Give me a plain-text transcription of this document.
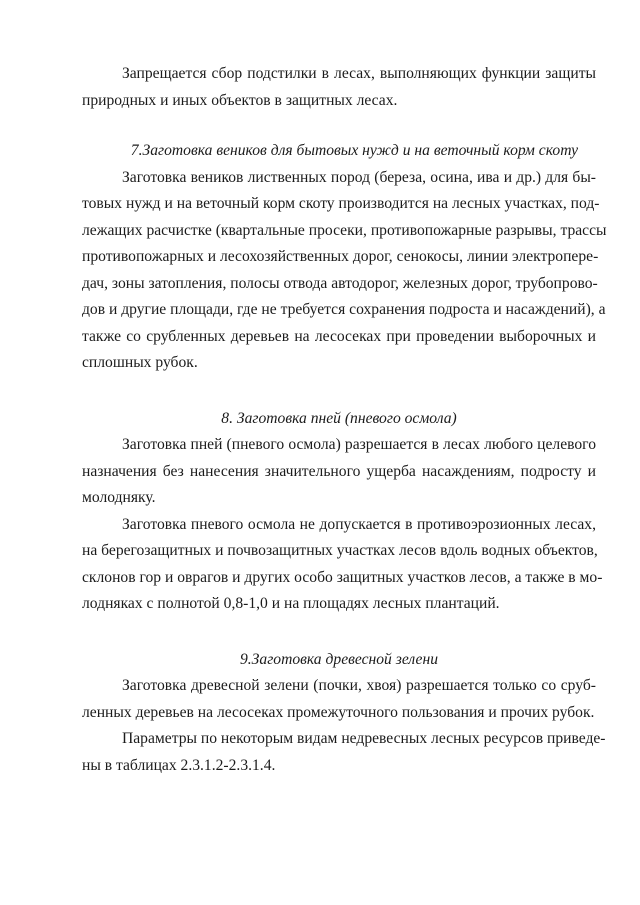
Запрещается сбор подстилки в лесах, выполняющих функции защиты
природных и иных объектов в защитных лесах.
7.Заготовка веников для бытовых нужд и на веточный корм скоту
Заготовка веников лиственных пород (береза, осина, ива и др.) для бы-
товых нужд и на веточный корм скоту производится на лесных участках, под-
лежащих расчистке (квартальные просеки, противопожарные разрывы, трассы
противопожарных и лесохозяйственных дорог, сенокосы, линии электропере-
дач, зоны затопления, полосы отвода автодорог, железных дорог, трубопрово-
дов и другие площади, где не требуется сохранения подроста и насаждений), а
также со срубленных деревьев на лесосеках при проведении выборочных и
сплошных рубок.
8. Заготовка пней (пневого осмола)
Заготовка пней (пневого осмола) разрешается в лесах любого целевого
назначения без нанесения значительного ущерба насаждениям, подросту и
молодняку.
Заготовка пневого осмола не допускается в противоэрозионных лесах,
на берегозащитных и почвозащитных участках лесов вдоль водных объектов,
склонов гор и оврагов и других особо защитных участков лесов, а также в мо-
лодняках с полнотой 0,8-1,0 и на площадях лесных плантаций.
9.Заготовка древесной зелени
Заготовка древесной зелени (почки, хвоя) разрешается только со сруб-
ленных деревьев на лесосеках промежуточного пользования и прочих рубок.
Параметры по некоторым видам недревесных лесных ресурсов приведе-
ны в таблицах 2.3.1.2-2.3.1.4.
